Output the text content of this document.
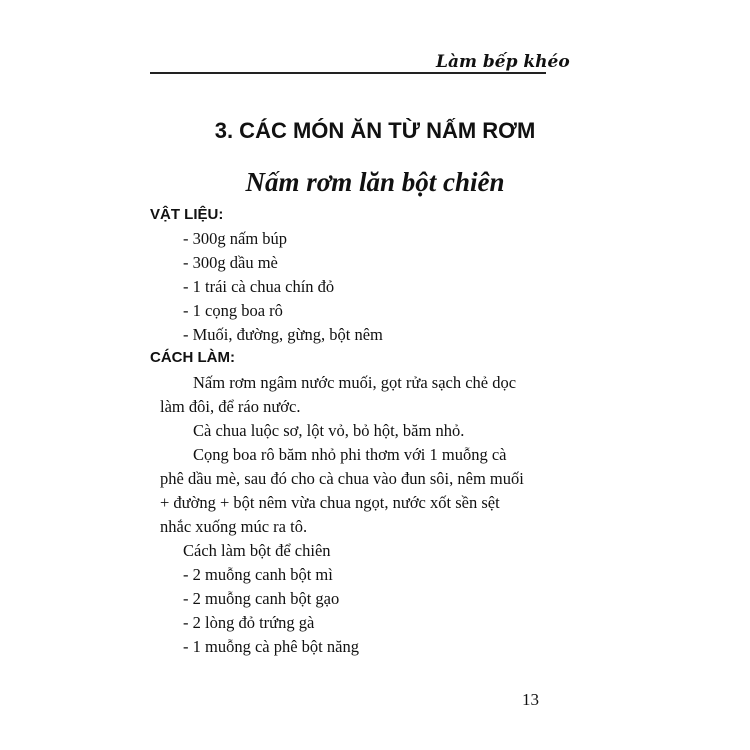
Làm bếp khéo
3. CÁC MÓN ĂN TỪ NẤM RƠM
Nấm rơm lăn bột chiên
VẬT LIỆU:
- 300g nấm búp
- 300g dầu mè
- 1 trái cà chua chín đỏ
- 1 cọng boa rô
- Muối, đường, gừng, bột nêm
CÁCH LÀM:
Nấm rơm ngâm nước muối, gọt rửa sạch chẻ dọc
làm đôi, để ráo nước.
Cà chua luộc sơ, lột vỏ, bỏ hột, băm nhỏ.
Cọng boa rô băm nhỏ phi thơm với 1 muỗng cà
phê dầu mè, sau đó cho cà chua vào đun sôi, nêm muối
+ đường + bột nêm vừa chua ngọt, nước xốt sền sệt
nhắc xuống múc ra tô.
Cách làm bột để chiên
- 2 muỗng canh bột mì
- 2 muỗng canh bột gạo
- 2 lòng đỏ trứng gà
- 1 muỗng cà phê bột năng
13
